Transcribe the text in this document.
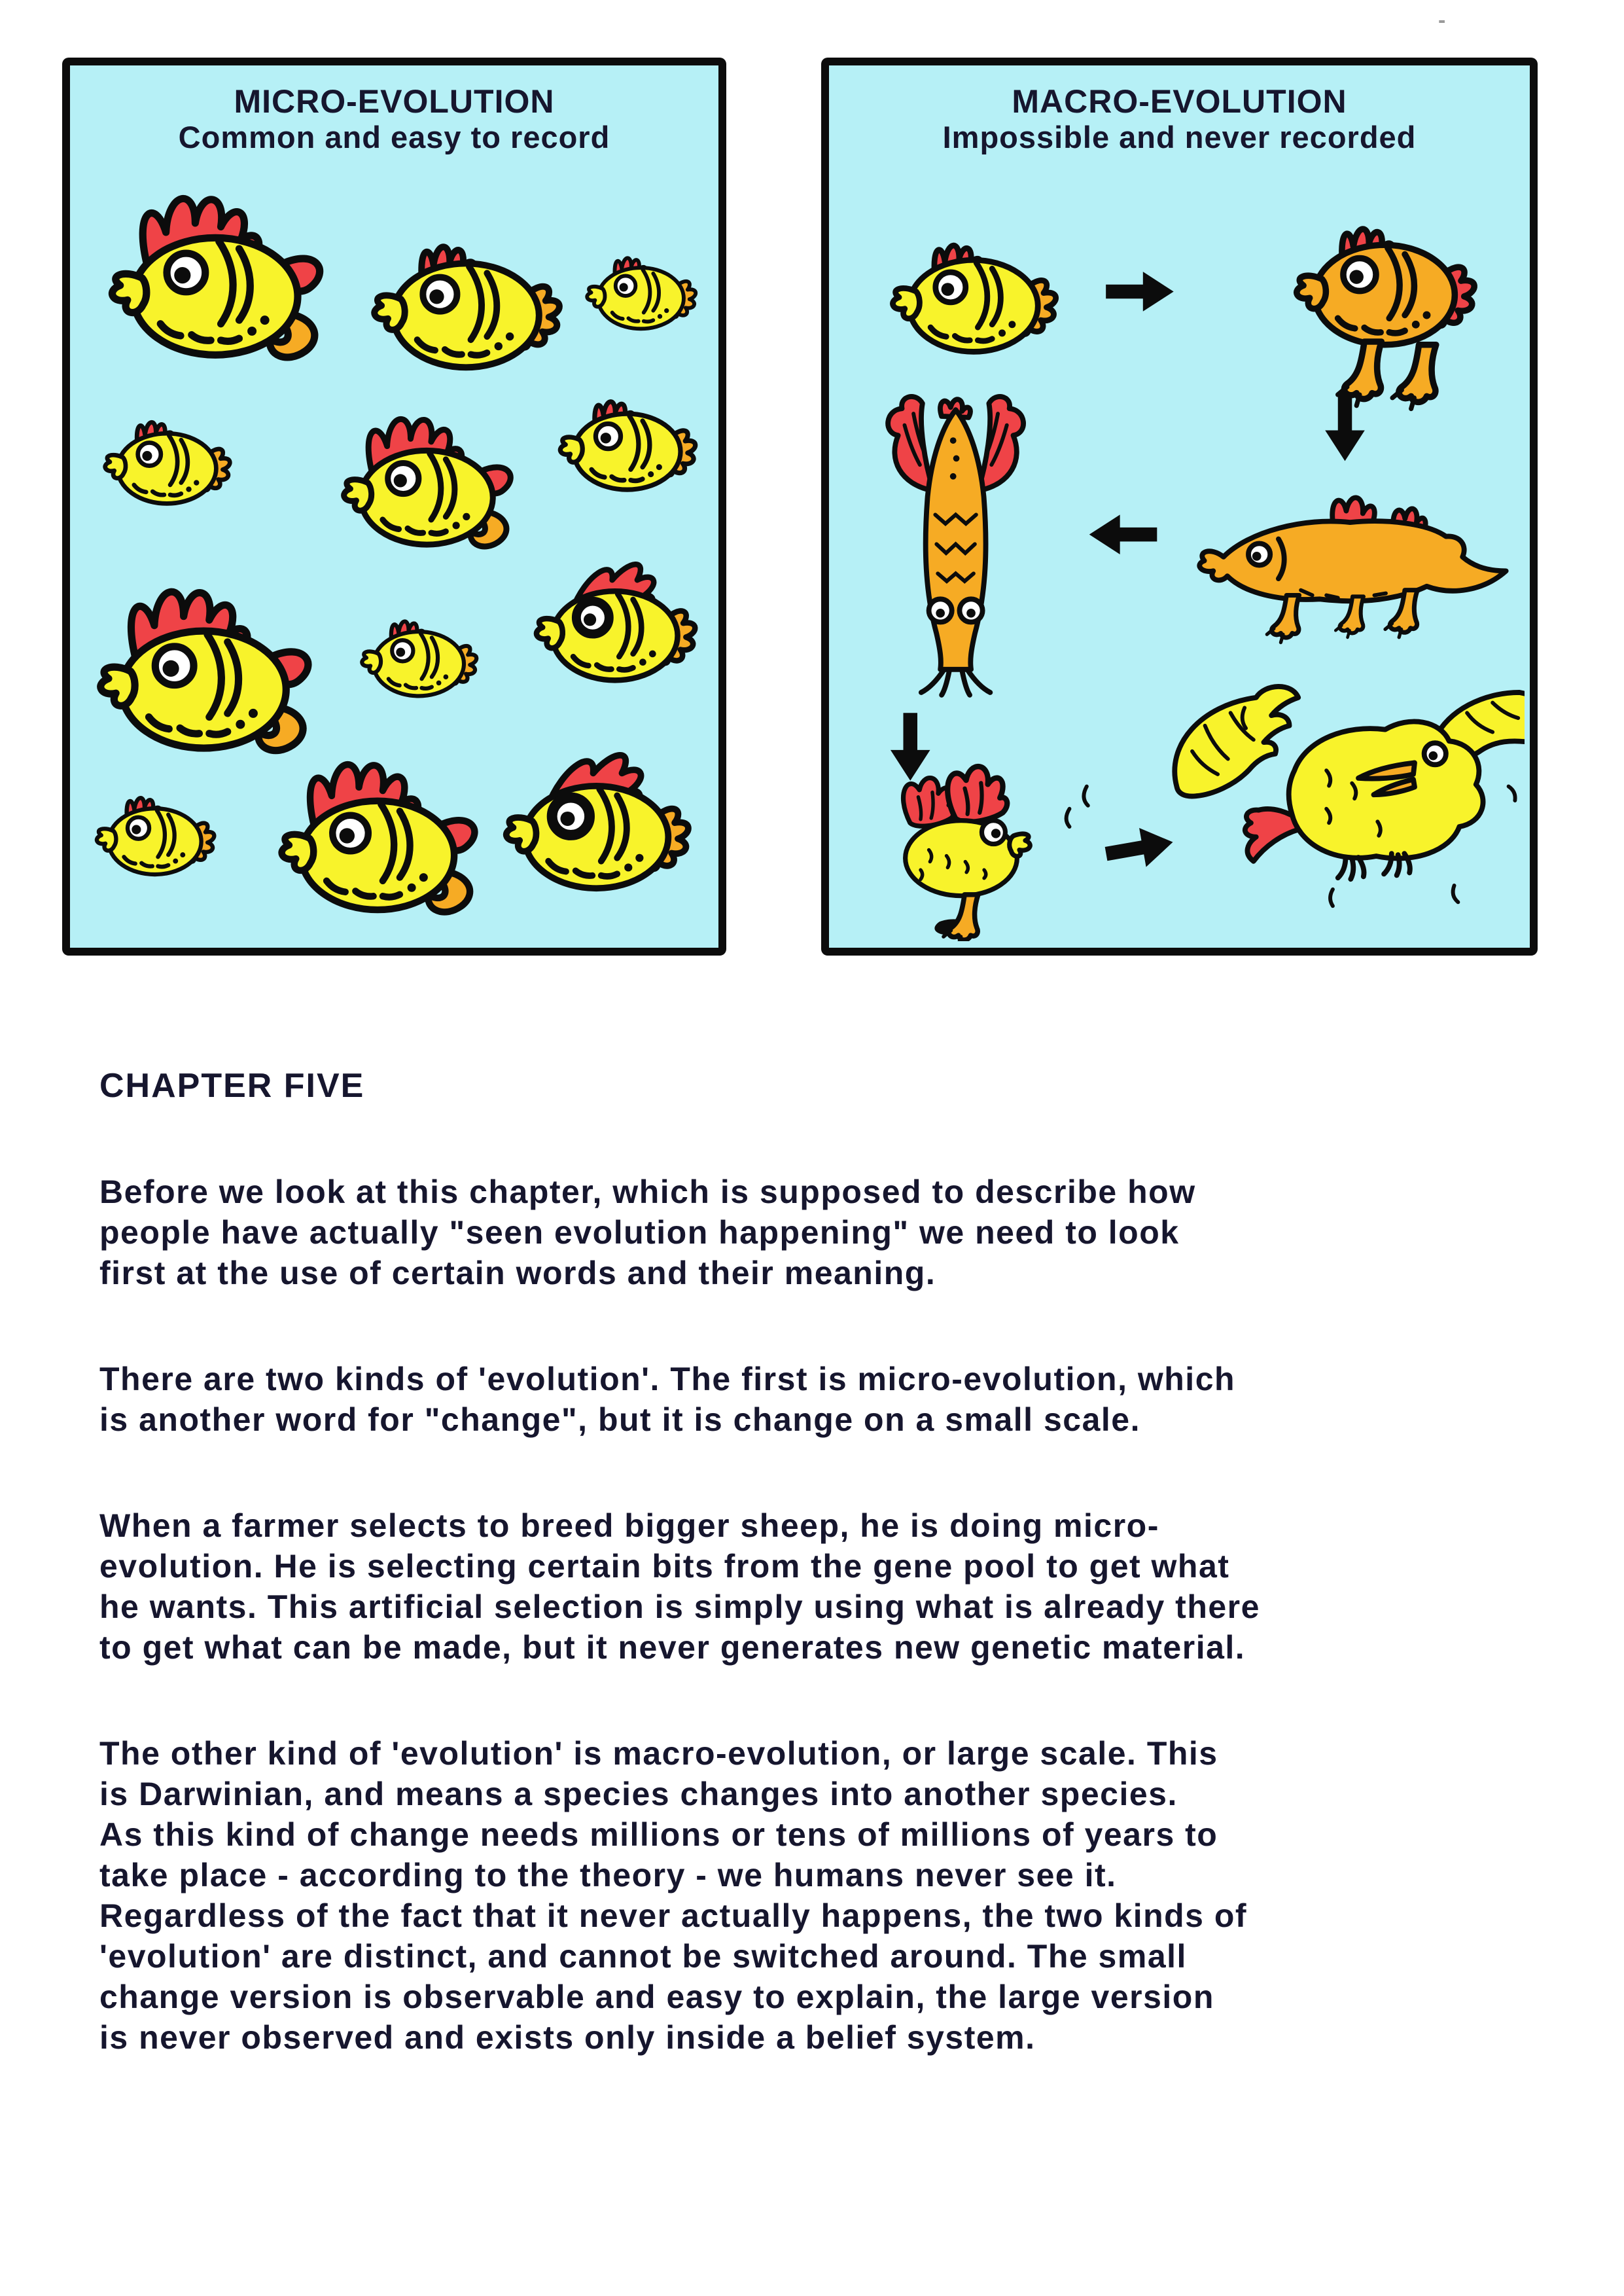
MICRO-EVOLUTION
Common and easy to record
MACRO-EVOLUTION
Impossible and never recorded
CHAPTER FIVE

Before we look at this chapter, which is supposed to describe how
people have actually "seen evolution happening" we need to look
first at the use of certain words and their meaning.

There are two kinds of 'evolution'. The first is micro-evolution, which
is another word for "change", but it is change on a small scale.

When a farmer selects to breed bigger sheep, he is doing micro-
evolution. He is selecting certain bits from the gene pool to get what
he wants. This artificial selection is simply using what is already there
to get what can be made, but it never generates new genetic material.

The other kind of 'evolution' is macro-evolution, or large scale. This
is Darwinian, and means a species changes into another species.
As this kind of change needs millions or tens of millions of years to
take place - according to the theory - we humans never see it.
Regardless of the fact that it never actually happens, the two kinds of
'evolution' are distinct, and cannot be switched around. The small
change version is observable and easy to explain, the large version
is never observed and exists only inside a belief system.

-
